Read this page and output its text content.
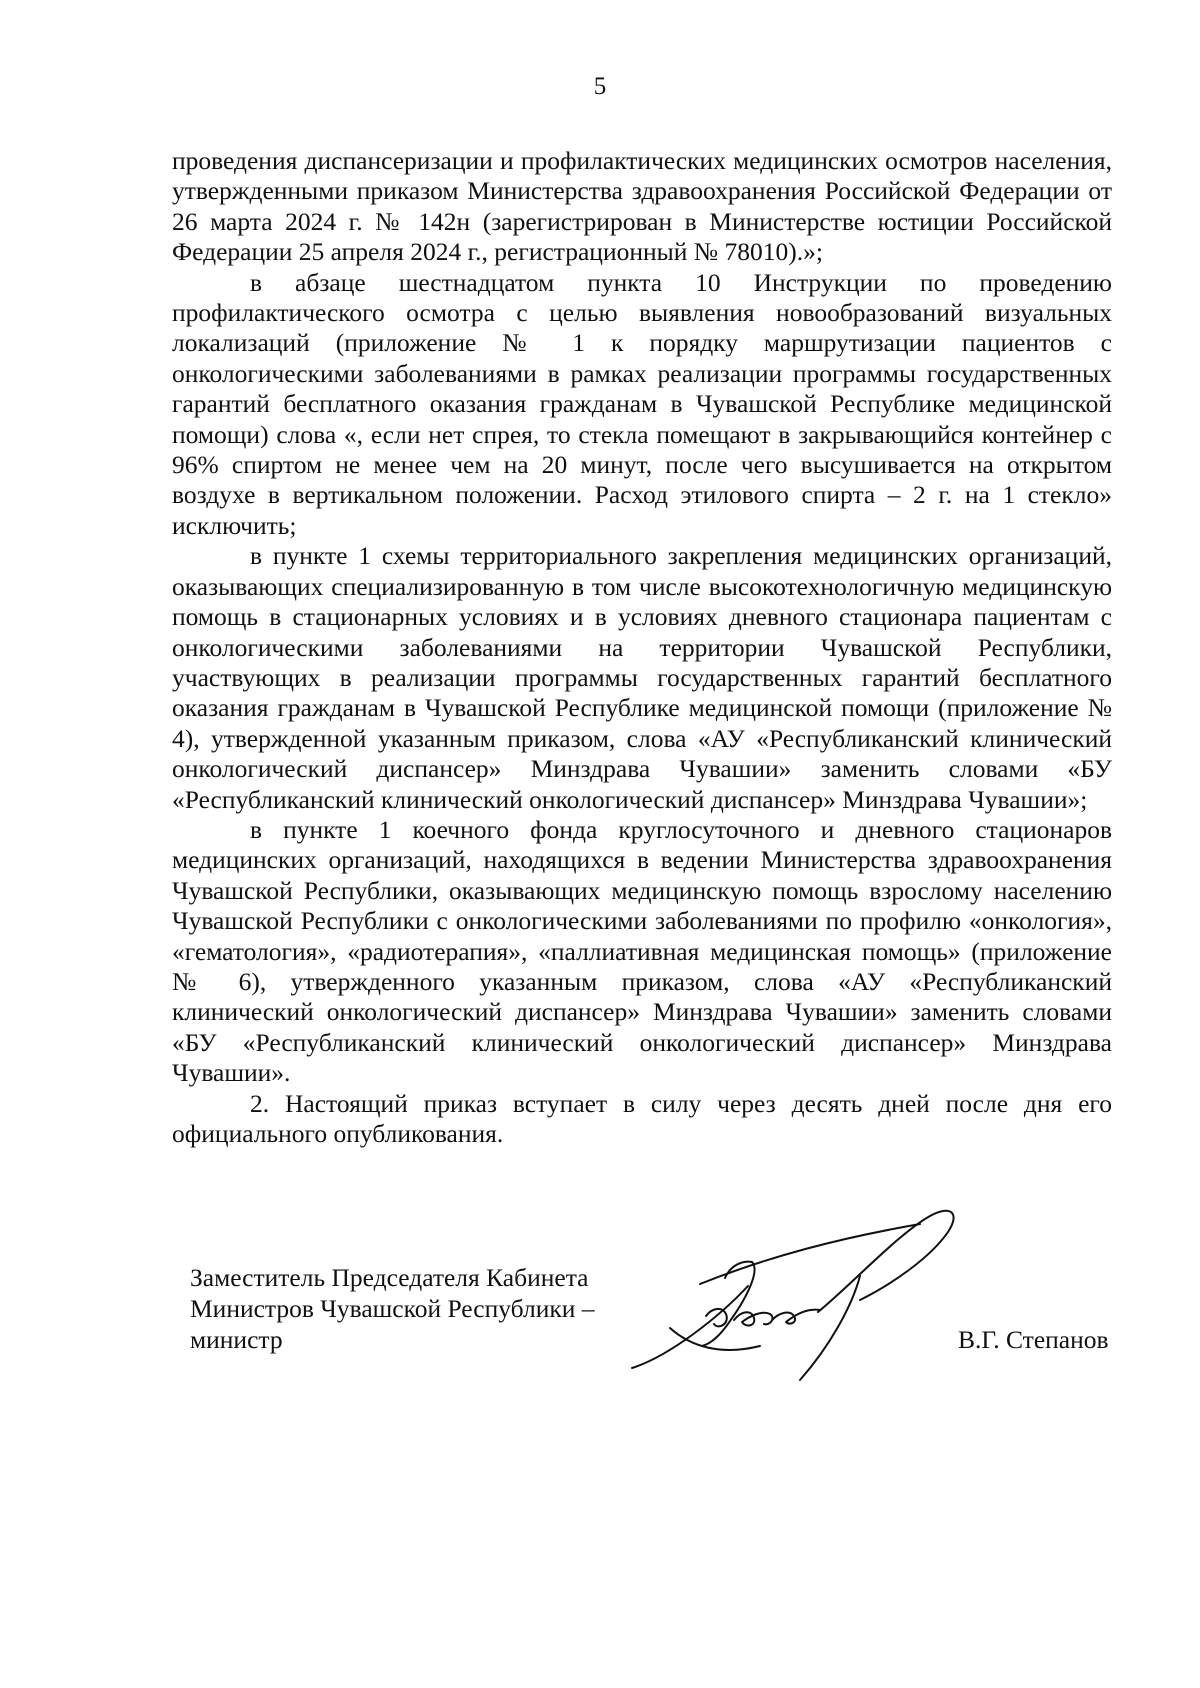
5

проведения диспансеризации и профилактических медицинских осмотров населения, утвержденными приказом Министерства здравоохранения Российской Федерации от 26 марта 2024 г. № 142н (зарегистрирован в Министерстве юстиции Российской Федерации 25 апреля 2024 г., регистрационный № 78010).»;

в абзаце шестнадцатом пункта 10 Инструкции по проведению профилактического осмотра с целью выявления новообразований визуальных локализаций (приложение № 1 к порядку маршрутизации пациентов с онкологическими заболеваниями в рамках реализации программы государственных гарантий бесплатного оказания гражданам в Чувашской Республике медицинской помощи) слова «, если нет спрея, то стекла помещают в закрывающийся контейнер с 96% спиртом не менее чем на 20 минут, после чего высушивается на открытом воздухе в вертикальном положении. Расход этилового спирта – 2 г. на 1 стекло» исключить;

в пункте 1 схемы территориального закрепления медицинских организаций, оказывающих специализированную в том числе высокотехнологичную медицинскую помощь в стационарных условиях и в условиях дневного стационара пациентам с онкологическими заболеваниями на территории Чувашской Республики, участвующих в реализации программы государственных гарантий бесплатного оказания гражданам в Чувашской Республике медицинской помощи (приложение № 4), утвержденной указанным приказом, слова «АУ «Республиканский клинический онкологический диспансер» Минздрава Чувашии» заменить словами «БУ «Республиканский клинический онкологический диспансер» Минздрава Чувашии»;

в пункте 1 коечного фонда круглосуточного и дневного стационаров медицинских организаций, находящихся в ведении Министерства здравоохранения Чувашской Республики, оказывающих медицинскую помощь взрослому населению Чувашской Республики с онкологическими заболеваниями по профилю «онкология», «гематология», «радиотерапия», «паллиативная медицинская помощь» (приложение № 6), утвержденного указанным приказом, слова «АУ «Республиканский клинический онкологический диспансер» Минздрава Чувашии» заменить словами «БУ «Республиканский клинический онкологический диспансер» Минздрава Чувашии».

2. Настоящий приказ вступает в силу через десять дней после дня его официального опубликования.

Заместитель Председателя Кабинета
Министров Чувашской Республики –
министр	В.Г. Степанов
